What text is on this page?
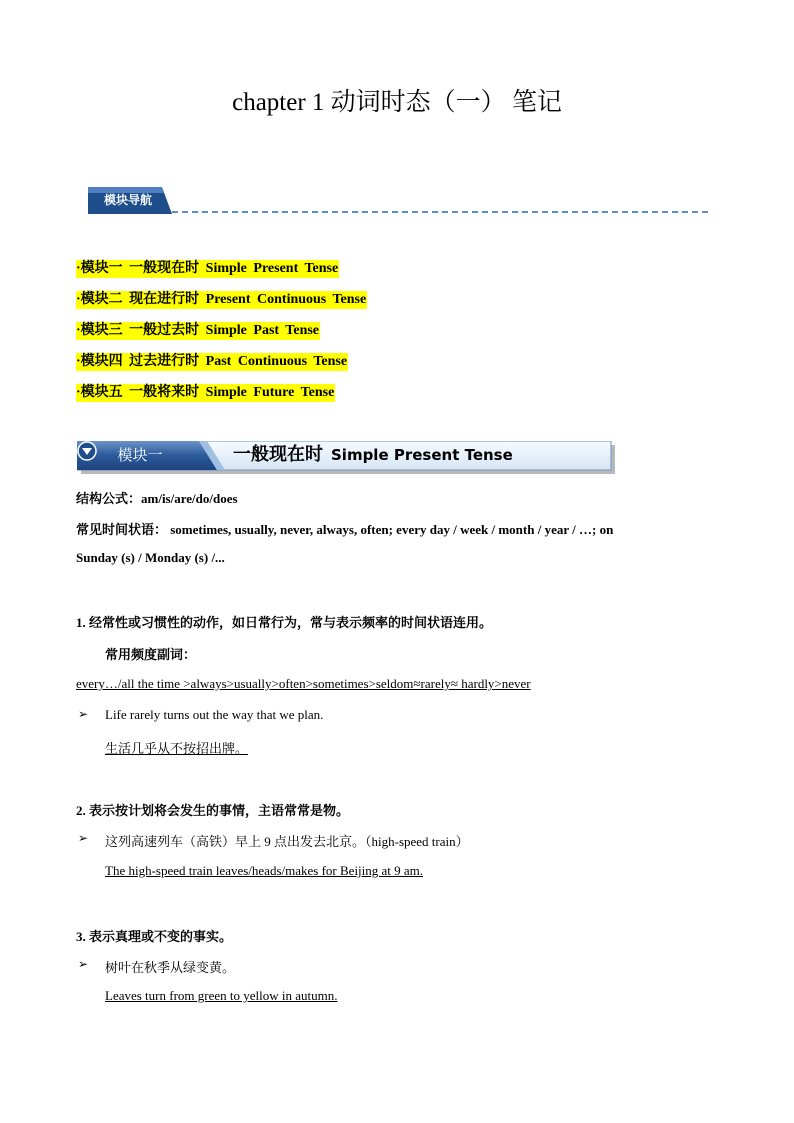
chapter 1 动词时态（一） 笔记
模块导航
·模块一 一般现在时 Simple Present Tense
·模块二 现在进行时 Present Continuous Tense
·模块三 一般过去时 Simple Past Tense
·模块四 过去进行时 Past Continuous Tense
·模块五 一般将来时 Simple Future Tense
模块一	一般现在时 Simple Present Tense
结构公式：am/is/are/do/does
常见时间状语： sometimes, usually, never, always, often; every day / week / month / year / …; on
Sunday (s) / Monday (s) /...
1. 经常性或习惯性的动作，如日常行为，常与表示频率的时间状语连用。
常用频度副词：
every…/all the time >always>usually>often>sometimes>seldom≈rarely≈ hardly>never
➢ Life rarely turns out the way that we plan.
生活几乎从不按招出牌。
2. 表示按计划将会发生的事情，主语常常是物。
➢ 这列高速列车（高铁）早上 9 点出发去北京。（high-speed train）
The high-speed train leaves/heads/makes for Beijing at 9 am.
3. 表示真理或不变的事实。
➢ 树叶在秋季从绿变黄。
Leaves turn from green to yellow in autumn.
